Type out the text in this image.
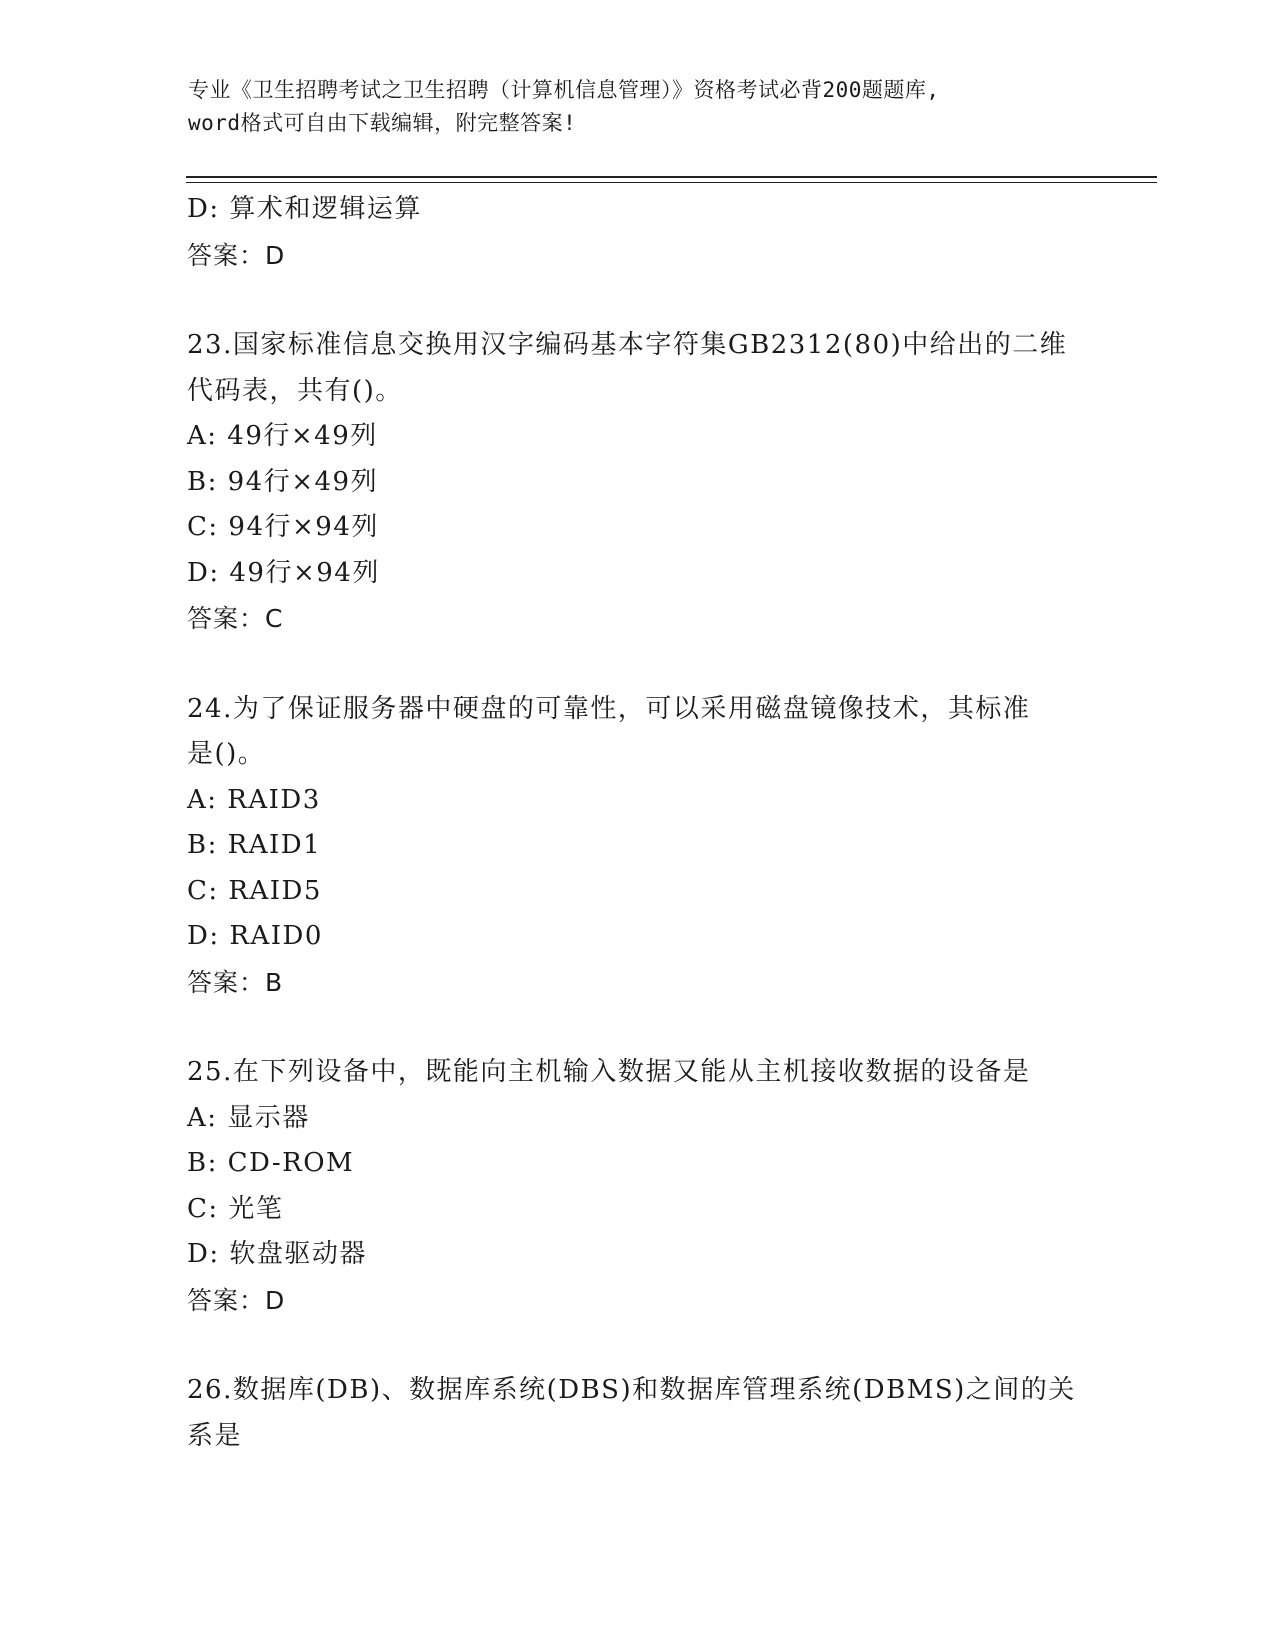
专业《卫生招聘考试之卫生招聘（计算机信息管理）》资格考试必背200题题库,
word格式可自由下载编辑，附完整答案!
D: 算术和逻辑运算
答案：D
23.国家标准信息交换用汉字编码基本字符集GB2312(80)中给出的二维
代码表，共有()。
A: 49行×49列
B: 94行×49列
C: 94行×94列
D: 49行×94列
答案：C
24.为了保证服务器中硬盘的可靠性，可以采用磁盘镜像技术，其标准
是()。
A: RAID3
B: RAID1
C: RAID5
D: RAID0
答案：B
25.在下列设备中，既能向主机输入数据又能从主机接收数据的设备是
A: 显示器
B: CD-ROM
C: 光笔
D: 软盘驱动器
答案：D
26.数据库(DB)、数据库系统(DBS)和数据库管理系统(DBMS)之间的关
系是
